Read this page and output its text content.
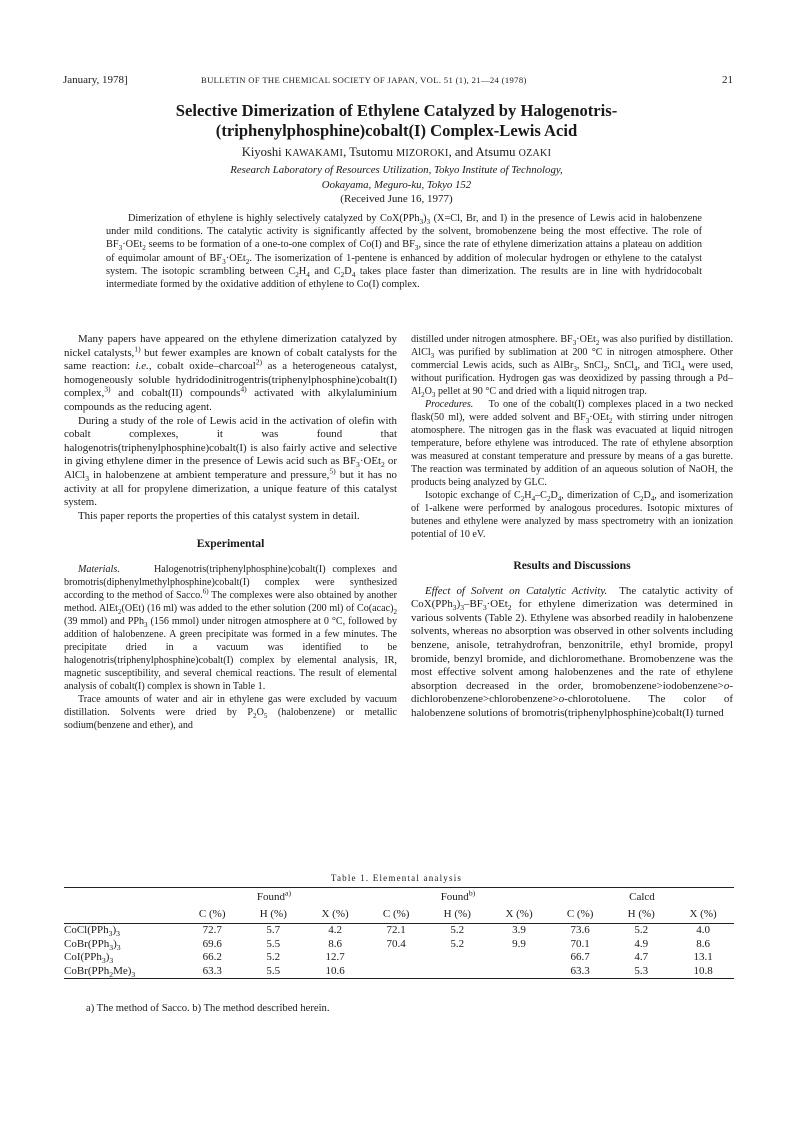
January, 1978]	BULLETIN OF THE CHEMICAL SOCIETY OF JAPAN, VOL. 51 (1), 21—24 (1978)	21
Selective Dimerization of Ethylene Catalyzed by Halogenotris-
(triphenylphosphine)cobalt(I) Complex-Lewis Acid
Kiyoshi KAWAKAMI, Tsutomu MIZOROKI, and Atsumu OZAKI
Research Laboratory of Resources Utilization, Tokyo Institute of Technology,
Ookayama, Meguro-ku, Tokyo 152
(Received June 16, 1977)
Dimerization of ethylene is highly selectively catalyzed by $CoX(PPh_3)_3$ (X=Cl, Br, and I) in the presence of Lewis acid in halobenzene under mild conditions. The catalytic activity is significantly affected by the solvent, bromobenzene being the most effective. The role of $BF_3\cdot OEt_2$ seems to be formation of a one-to-one complex of Co(I) and $BF_3$, since the rate of ethylene dimerization attains a plateau on addition of equimolar amount of $BF_3\cdot OEt_2$. The isomerization of 1-pentene is enhanced by addition of molecular hydrogen or ethylene to the catalyst system. The isotopic scrambling between $C_2H_4$ and $C_2D_4$ takes place faster than dimerization. The results are in line with hydridocobalt intermediate formed by the oxidative addition of ethylene to Co(I) complex.

Many papers have appeared on the ethylene dimerization catalyzed by nickel catalysts,$^{1)}$ but fewer examples are known of cobalt catalysts for the same reaction: i.e., cobalt oxide–charcoal$^{2)}$ as a heterogeneous catalyst, homogeneously soluble hydridodinitrogentris(triphenylphosphine)cobalt(I) complex,$^{3)}$ and cobalt(II) compounds$^{4)}$ activated with alkylaluminium compounds as the reducing agent.

During a study of the role of Lewis acid in the activation of olefin with cobalt complexes, it was found that halogenotris(triphenylphosphine)cobalt(I) is also fairly active and selective in giving ethylene dimer in the presence of Lewis acid such as $BF_3\cdot OEt_2$ or AlCl$_3$ in halobenzene at ambient temperature and pressure,$^{5)}$ but it has no activity at all for propylene dimerization, a unique feature of this catalyst system.

This paper reports the properties of this catalyst system in detail.

Experimental

Materials.     Halogenotris(triphenylphosphine)cobalt(I) complexes and bromotris(diphenylmethylphosphine)cobalt(I) complex were synthesized according to the method of Sacco.$^{6)}$ The complexes were also obtained by another method. AlEt$_2$(OEt) (16 ml) was added to the ether solution (200 ml) of $Co(acac)_2$ (39 mmol) and PPh$_3$ (156 mmol) under nitrogen atmosphere at 0 °C, followed by addition of halobenzene. A green precipitate was formed in a few minutes. The precipitate dried in a vacuum was identified to be halogenotris(triphenylphosphine)cobalt(I) complex by elemental analysis, IR, magnetic susceptibility, and several chemical reactions. The result of elemental analysis of cobalt(I) complex is shown in Table 1.

Trace amounts of water and air in ethylene gas were excluded by vacuum distillation. Solvents were dried by $P_2O_5$ (halobenzene) or metallic sodium(benzene and ether), and

distilled under nitrogen atmosphere. $BF_3\cdot OEt_2$ was also purified by distillation. AlCl$_3$ was purified by sublimation at 200 °C in nitrogen atmosphere. Other commercial Lewis acids, such as AlBr$_3$, SnCl$_2$, SnCl$_4$, and TiCl$_4$ were used, without purification. Hydrogen gas was deoxidized by passing through a $Pd-Al_2O_3$ pellet at 90 °C and dried with a liquid nitrogen trap.

Procedures.    To one of the cobalt(I) complexes placed in a two necked flask(50 ml), were added solvent and $BF_3\cdot OEt_2$ with stirring under nitrogen atomosphere. The nitrogen gas in the flask was evacuated at liquid nitrogen temperature, before ethylene was introduced. The rate of ethylene absorption was measured at constant temperature and pressure by means of a gas burette. The reaction was terminated by addition of an aqueous solution of NaOH, the products being analyzed by GLC.

Isotopic exchange of $C_2H_4-C_2D_4$, dimerization of $C_2D_4$, and isomerization of 1-alkene were performed by analogous procedures. Isotopic mixtures of butenes and ethylene were analyzed by mass spectrometry with an ionization potential of 10 eV.

Results and Discussions

Effect of Solvent on Catalytic Activity.  The catalytic activity of $CoX(PPh_3)_3-BF_3\cdot OEt_2$ for ethylene dimerization was determined in various solvents (Table 2). Ethylene was absorbed readily in halobenzene solvents, whereas no absorption was observed in other solvents including benzene, anisole, tetrahydrofran, benzonitrile, ethyl bromide, propyl bromide, benzyl bromide, and dichloromethane. Bromobenzene was the most effective solvent among halobenzenes and the rate of ethylene absorption decreased in the order, bromobenzene>iodobenzene>o-dichlorobenzene>chlorobenzene>o-chlorotoluene. The color of halobenzene solutions of bromotris(triphenylphosphine)cobalt(I) turned

Table 1. Elemental analysis
	Found$^{a)}$			Found$^{b)}$			Calcd		
	C (%)	H (%)	X (%)	C (%)	H (%)	X (%)	C (%)	H (%)	X (%)
$CoCl(PPh_3)_3$	72.7	5.7	4.2	72.1	5.2	3.9	73.6	5.2	4.0
$CoBr(PPh_3)_3$	69.6	5.5	8.6	70.4	5.2	9.9	70.1	4.9	8.6
$CoI(PPh_3)_3$	66.2	5.2	12.7				66.7	4.7	13.1
$CoBr(PPh_2Me)_3$	63.3	5.5	10.6				63.3	5.3	10.8
a) The method of Sacco. b) The method described herein.
